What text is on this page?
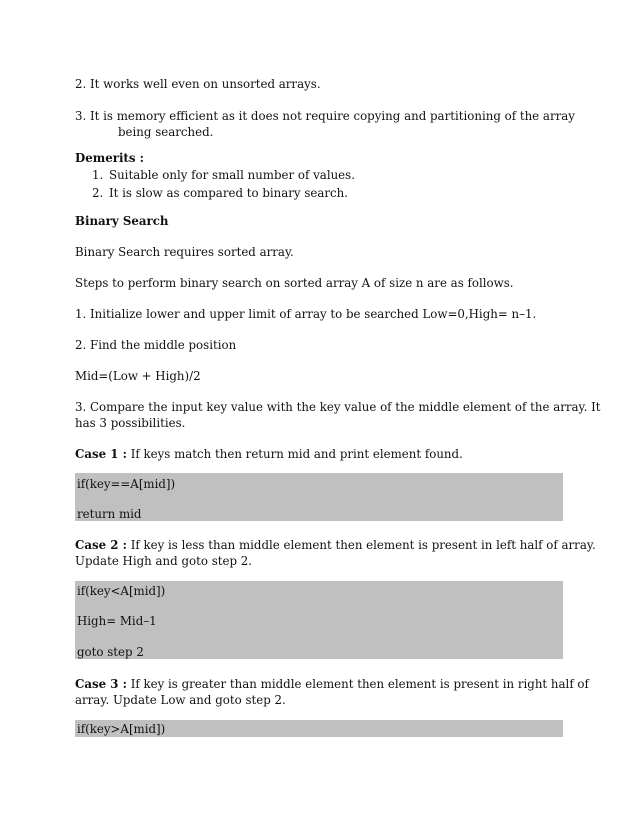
2. It works well even on unsorted arrays.
3. It is memory efficient as it does not require copying and partitioning of the array
being searched.
Demerits :
1. Suitable only for small number of values.
2. It is slow as compared to binary search.
Binary Search
Binary Search requires sorted array.
Steps to perform binary search on sorted array A of size n are as follows.
1. Initialize lower and upper limit of array to be searched Low=0,High= n–1.
2. Find the middle position
Mid=(Low + High)/2
3. Compare the input key value with the key value of the middle element of the array. It
has 3 possibilities.
Case 1 : If keys match then return mid and print element found.
if(key==A[mid])
return mid
Case 2 : If key is less than middle element then element is present in left half of array.
Update High and goto step 2.
if(key<A[mid])
High= Mid–1
goto step 2
Case 3 : If key is greater than middle element then element is present in right half of
array. Update Low and goto step 2.
if(key>A[mid])
